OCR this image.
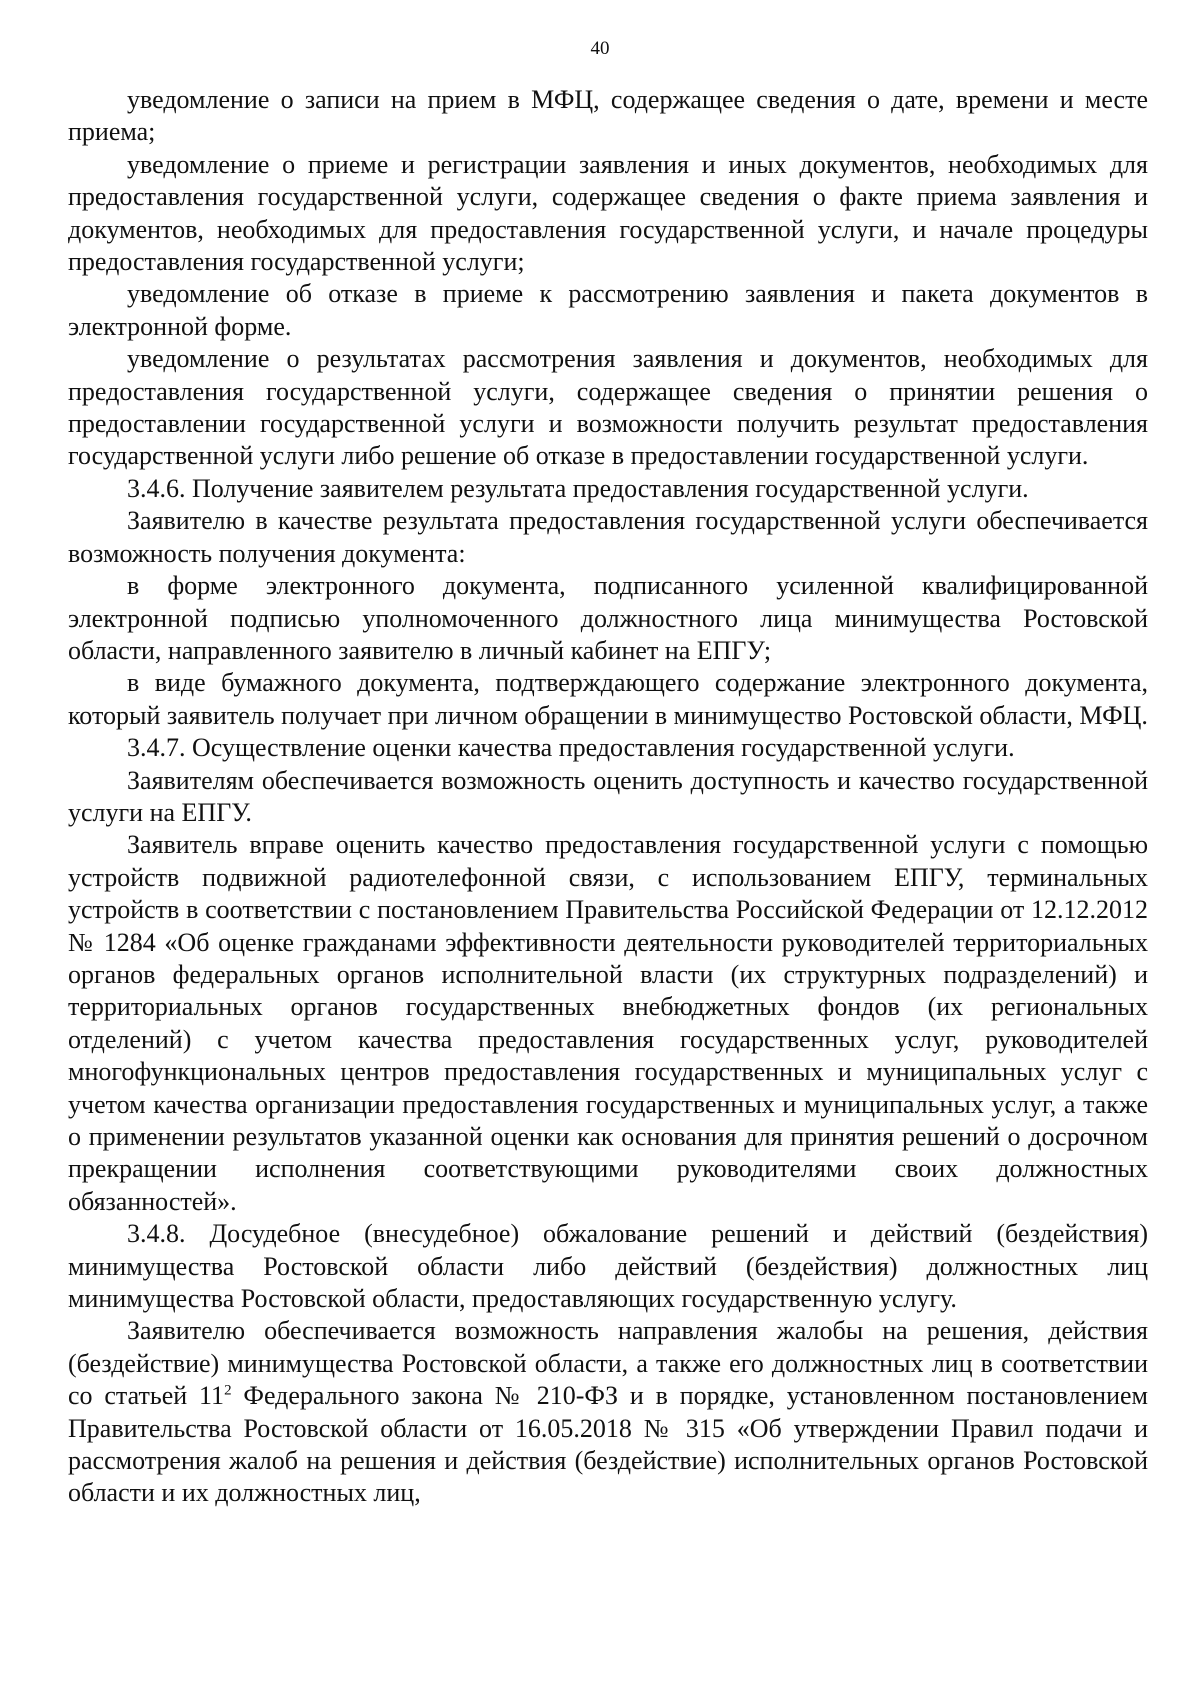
40

уведомление о записи на прием в МФЦ, содержащее сведения о дате, времени и месте приема;

уведомление о приеме и регистрации заявления и иных документов, необходимых для предоставления государственной услуги, содержащее сведения о факте приема заявления и документов, необходимых для предоставления государственной услуги, и начале процедуры предоставления государственной услуги;

уведомление об отказе в приеме к рассмотрению заявления и пакета документов в электронной форме.

уведомление о результатах рассмотрения заявления и документов, необходимых для предоставления государственной услуги, содержащее сведения о принятии решения о предоставлении государственной услуги и возможности получить результат предоставления государственной услуги либо решение об отказе в предоставлении государственной услуги.

3.4.6. Получение заявителем результата предоставления государственной услуги.

Заявителю в качестве результата предоставления государственной услуги обеспечивается возможность получения документа:

в форме электронного документа, подписанного усиленной квалифицированной электронной подписью уполномоченного должностного лица минимущества Ростовской области, направленного заявителю в личный кабинет на ЕПГУ;

в виде бумажного документа, подтверждающего содержание электронного документа, который заявитель получает при личном обращении в минимущество Ростовской области, МФЦ.

3.4.7. Осуществление оценки качества предоставления государственной услуги.

Заявителям обеспечивается возможность оценить доступность и качество государственной услуги на ЕПГУ.

Заявитель вправе оценить качество предоставления государственной услуги с помощью устройств подвижной радиотелефонной связи, с использованием ЕПГУ, терминальных устройств в соответствии с постановлением Правительства Российской Федерации от 12.12.2012 № 1284 «Об оценке гражданами эффективности деятельности руководителей территориальных органов федеральных органов исполнительной власти (их структурных подразделений) и территориальных органов государственных внебюджетных фондов (их региональных отделений) с учетом качества предоставления государственных услуг, руководителей многофункциональных центров предоставления государственных и муниципальных услуг с учетом качества организации предоставления государственных и муниципальных услуг, а также о применении результатов указанной оценки как основания для принятия решений о досрочном прекращении исполнения соответствующими руководителями своих должностных обязанностей».

3.4.8. Досудебное (внесудебное) обжалование решений и действий (бездействия) минимущества Ростовской области либо действий (бездействия) должностных лиц минимущества Ростовской области, предоставляющих государственную услугу.

Заявителю обеспечивается возможность направления жалобы на решения, действия (бездействие) минимущества Ростовской области, а также его должностных лиц в соответствии со статьей $11^2$ Федерального закона № 210-ФЗ и в порядке, установленном постановлением Правительства Ростовской области от 16.05.2018 № 315 «Об утверждении Правил подачи и рассмотрения жалоб на решения и действия (бездействие) исполнительных органов Ростовской области и их должностных лиц,
